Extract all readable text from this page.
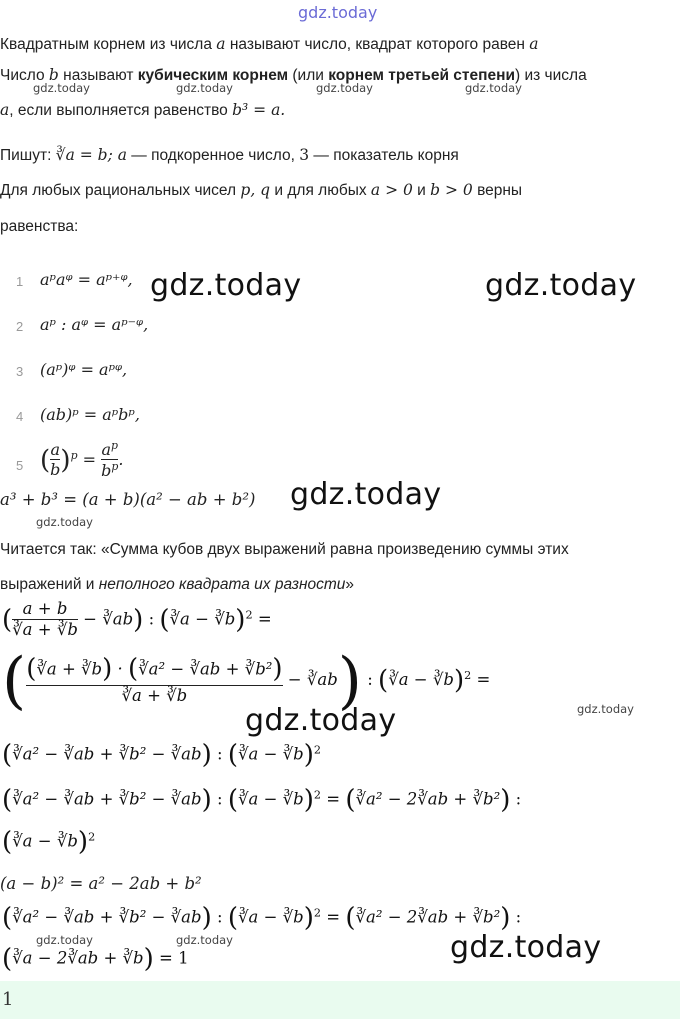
gdz.today
Квадратным корнем из числа a называют число, квадрат которого равен a
Число b называют кубическим корнем (или корнем третьей степени) из числа
gdz.today	gdz.today	gdz.today	gdz.today
a, если выполняется равенство b³ = a.
Пишут: ∛a = b; a — подкоренное число, 3 — показатель корня
Для любых рациональных чисел p, q и для любых a > 0 и b > 0 верны
равенства:
1 aᵖaᵠ = aᵖ⁺ᵠ,
2 aᵖ : aᵠ = aᵖ⁻ᵠ,
3 (aᵖ)ᵠ = aᵖᵠ,
4 (ab)ᵖ = aᵖbᵖ,
5 ( $\frac{a}{b} )^p = \frac{a^p}{b^p}$ .
gdz.today	gdz.today
a³ + b³ = (a + b)(a² − ab + b²) gdz.today
gdz.today
Читается так: «Сумма кубов двух выражений равна произведению суммы этих
выражений и неполного квадрата их разности»
( $\frac{a + b}{∛a + ∛b}$ − ∛ab) : (∛a − ∛b)$^2$ =
( $\frac{\text{(∛a + ∛b) · (∛a² − ∛ab + ∛b²)}}{∛a + ∛b}$ − ∛ab) : (∛a − ∛b)$^2$ =
gdz.today
gdz.today
(∛a² − ∛ab + ∛b² − ∛ab) : (∛a − ∛b)$^2$
(∛a² − ∛ab + ∛b² − ∛ab) : (∛a − ∛b)$^2$ = (∛a² − 2∛ab + ∛b²) :
(∛a − ∛b)$^2$
(a − b)² = a² − 2ab + b²
(∛a² − ∛ab + ∛b² − ∛ab) : (∛a − ∛b)$^2$ = (∛a² − 2∛ab + ∛b²) :
gdz.today	gdz.today	gdz.today
(∛a − 2∛ab + ∛b) = 1
1
